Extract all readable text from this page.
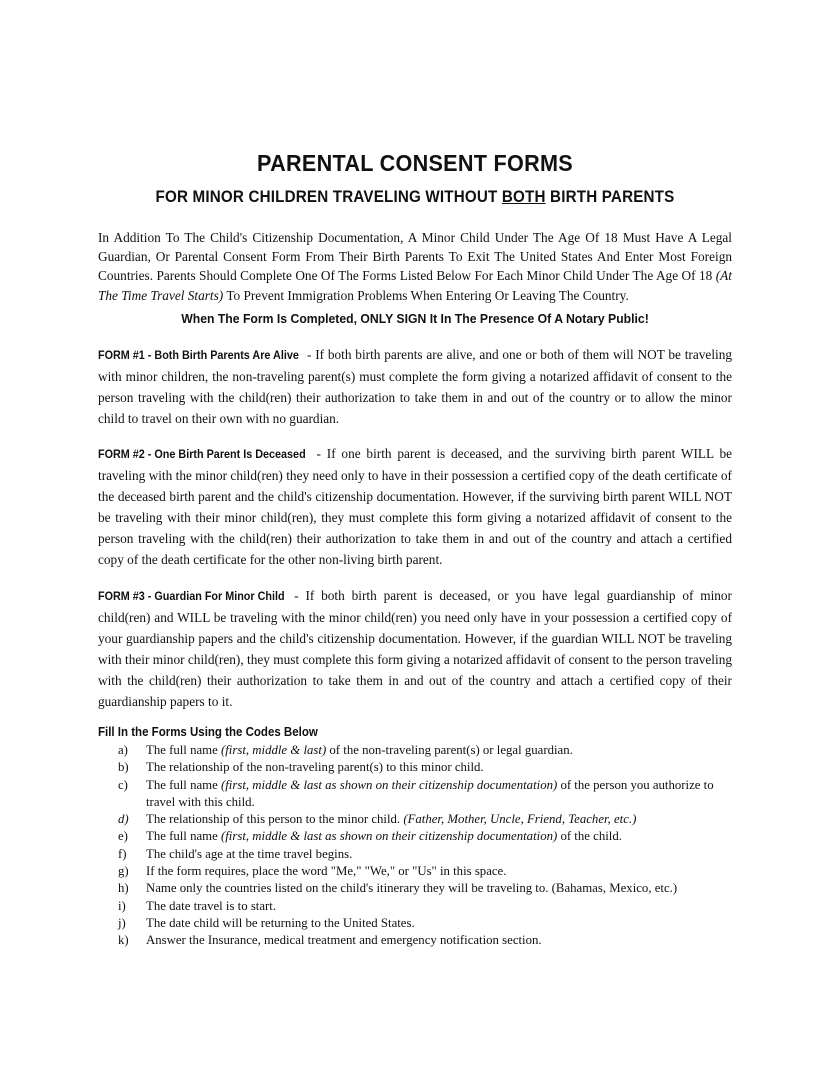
PARENTAL CONSENT FORMS
FOR MINOR CHILDREN TRAVELING WITHOUT BOTH BIRTH PARENTS
In Addition To The Child's Citizenship Documentation, A Minor Child Under The Age Of 18 Must Have A Legal Guardian, Or Parental Consent Form From Their Birth Parents To Exit The United States And Enter Most Foreign Countries. Parents Should Complete One Of The Forms Listed Below For Each Minor Child Under The Age Of 18 (At The Time Travel Starts) To Prevent Immigration Problems When Entering Or Leaving The Country.
When The Form Is Completed, ONLY SIGN It In The Presence Of A Notary Public!
FORM #1 - Both Birth Parents Are Alive - If both birth parents are alive, and one or both of them will NOT be traveling with minor children, the non-traveling parent(s) must complete the form giving a notarized affidavit of consent to the person traveling with the child(ren) their authorization to take them in and out of the country or to allow the minor child to travel on their own with no guardian.
FORM #2 - One Birth Parent Is Deceased - If one birth parent is deceased, and the surviving birth parent WILL be traveling with the minor child(ren) they need only to have in their possession a certified copy of the death certificate of the deceased birth parent and the child's citizenship documentation. However, if the surviving birth parent WILL NOT be traveling with their minor child(ren), they must complete this form giving a notarized affidavit of consent to the person traveling with the child(ren) their authorization to take them in and out of the country and attach a certified copy of the death certificate for the other non-living birth parent.
FORM #3 - Guardian For Minor Child - If both birth parent is deceased, or you have legal guardianship of minor child(ren) and WILL be traveling with the minor child(ren) you need only have in your possession a certified copy of your guardianship papers and the child's citizenship documentation. However, if the guardian WILL NOT be traveling with their minor child(ren), they must complete this form giving a notarized affidavit of consent to the person traveling with the child(ren) their authorization to take them in and out of the country and attach a certified copy of their guardianship papers to it.
Fill In the Forms Using the Codes Below
a) The full name (first, middle & last) of the non-traveling parent(s) or legal guardian.
b) The relationship of the non-traveling parent(s) to this minor child.
c) The full name (first, middle & last as shown on their citizenship documentation) of the person you authorize to travel with this child.
d) The relationship of this person to the minor child. (Father, Mother, Uncle, Friend, Teacher, etc.)
e) The full name (first, middle & last as shown on their citizenship documentation) of the child.
f) The child's age at the time travel begins.
g) If the form requires, place the word "Me," "We," or "Us" in this space.
h) Name only the countries listed on the child's itinerary they will be traveling to. (Bahamas, Mexico, etc.)
i) The date travel is to start.
j) The date child will be returning to the United States.
k) Answer the Insurance, medical treatment and emergency notification section.
